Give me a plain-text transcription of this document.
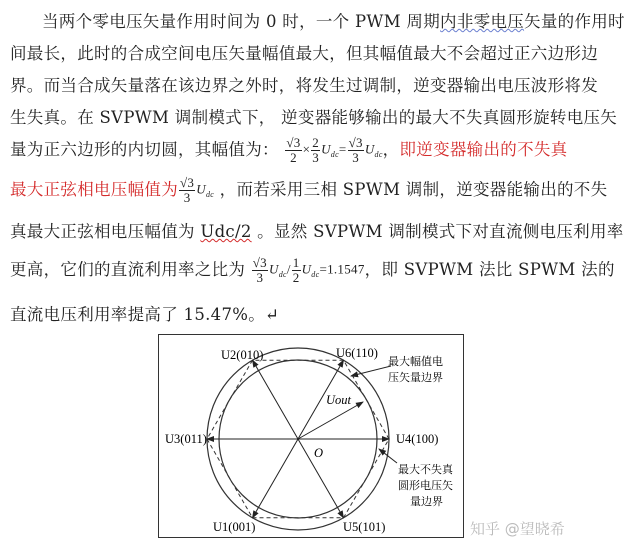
当两个零电压矢量作用时间为 0 时，一个 PWM 周期内非零电压矢量的作用时
间最长，此时的合成空间电压矢量幅值最大，但其幅值最大不会超过正六边形边
界。而当合成矢量落在该边界之外时，将发生过调制，逆变器输出电压波形将发
生失真。在 SVPWM 调制模式下， 逆变器能够输出的最大不失真圆形旋转电压矢
量为正六边形的内切圆，其幅值为： $\frac{√3}{2} \times \frac{2}{3} U_{dc}= \frac{√3}{3} U_{dc}$，即逆变器输出的不失真
最大正弦相电压幅值为 $\frac{√3}{3} U_{dc}$ ，而若采用三相 SPWM 调制，逆变器能输出的不失
真最大正弦相电压幅值为 Udc/2 。显然 SVPWM 调制模式下对直流侧电压利用率
更高，它们的直流利用率之比为 $\frac{√3}{3} U_{dc}/ \frac{1}{2} U_{dc}=1.1547$，即 SVPWM 法比 SPWM 法的
直流电压利用率提高了 15.47%。↵
U2(010)	U6(110)
U3(011)	U4(100)
U1(001)	U5(101)
Uout
O
最大幅值电
压矢量边界
最大不失真
圆形电压矢
量边界
知乎 @望晓希
